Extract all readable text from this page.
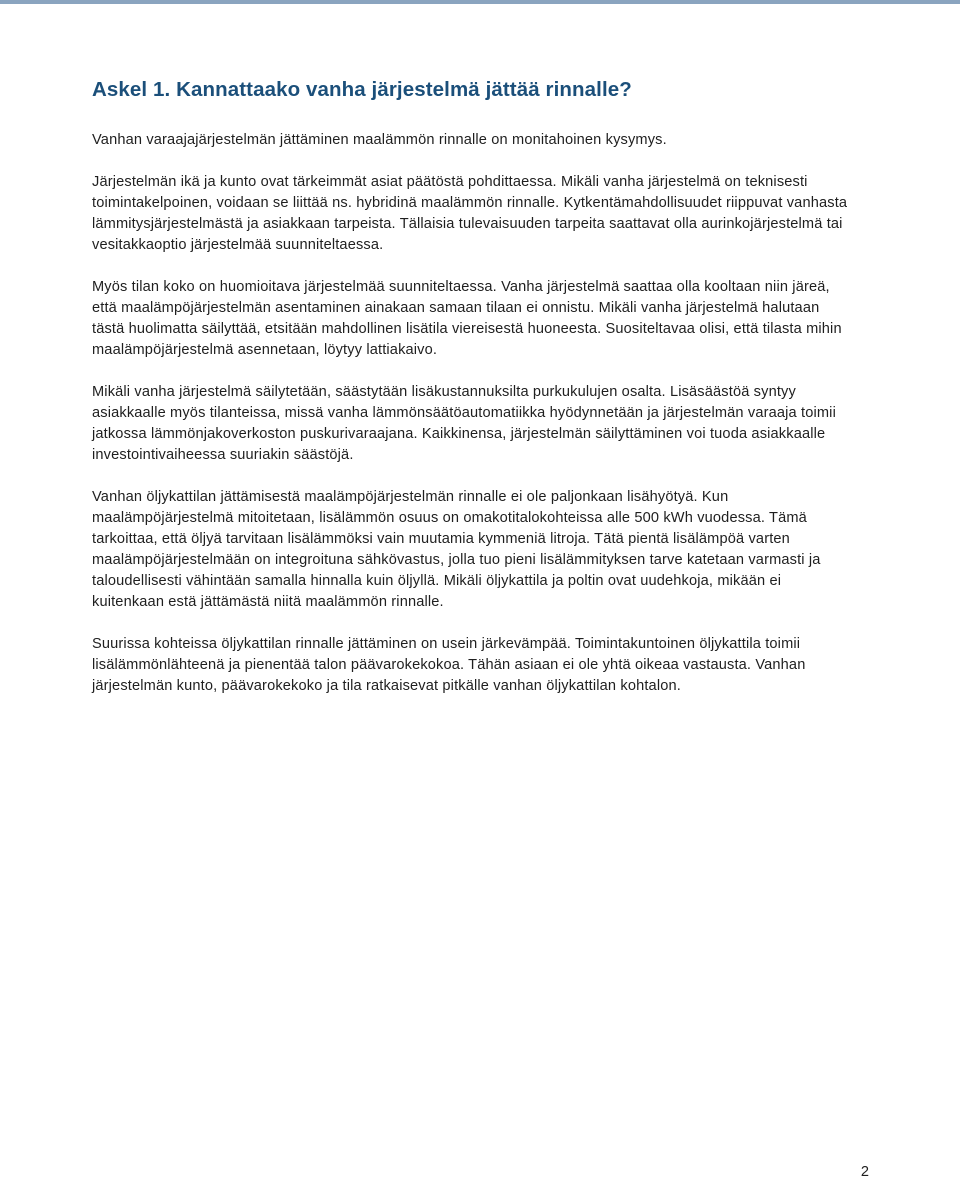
Askel 1. Kannattaako vanha järjestelmä jättää rinnalle?

Vanhan varaajajärjestelmän jättäminen maalämmön rinnalle on monitahoinen kysymys.

Järjestelmän ikä ja kunto ovat tärkeimmät asiat päätöstä pohdittaessa. Mikäli vanha järjestelmä on teknisesti toimintakelpoinen, voidaan se liittää ns. hybridinä maalämmön rinnalle. Kytkentämahdollisuudet riippuvat vanhasta lämmitysjärjestelmästä ja asiakkaan tarpeista. Tällaisia tulevaisuuden tarpeita saattavat olla aurinkojärjestelmä tai vesitakkaoptio järjestelmää suunniteltaessa.

Myös tilan koko on huomioitava järjestelmää suunniteltaessa. Vanha järjestelmä saattaa olla kooltaan niin järeä, että maalämpöjärjestelmän asentaminen ainakaan samaan tilaan ei onnistu. Mikäli vanha järjestelmä halutaan tästä huolimatta säilyttää, etsitään mahdollinen lisätila viereisestä huoneesta. Suositeltavaa olisi, että tilasta mihin maalämpöjärjestelmä asennetaan, löytyy lattiakaivo.

Mikäli vanha järjestelmä säilytetään, säästytään lisäkustannuksilta purkukulujen osalta. Lisäsäästöä syntyy asiakkaalle myös tilanteissa, missä vanha lämmönsäätöautomatiikka hyödynnetään ja järjestelmän varaaja toimii jatkossa lämmönjakoverkoston puskurivaraajana. Kaikkinensa, järjestelmän säilyttäminen voi tuoda asiakkaalle investointivaiheessa suuriakin säästöjä.

Vanhan öljykattilan jättämisestä maalämpöjärjestelmän rinnalle ei ole paljonkaan lisähyötyä. Kun maalämpöjärjestelmä mitoitetaan, lisälämmön osuus on omakotitalokohteissa alle 500 kWh vuodessa. Tämä tarkoittaa, että öljyä tarvitaan lisälämmöksi vain muutamia kymmeniä litroja. Tätä pientä lisälämpöä varten maalämpöjärjestelmään on integroituna sähkövastus, jolla tuo pieni lisälämmityksen tarve katetaan varmasti ja taloudellisesti vähintään samalla hinnalla kuin öljyllä. Mikäli öljykattila ja poltin ovat uudehkoja, mikään ei kuitenkaan estä jättämästä niitä maalämmön rinnalle.

Suurissa kohteissa öljykattilan rinnalle jättäminen on usein järkevämpää. Toimintakuntoinen öljykattila toimii lisälämmönlähteenä ja pienentää talon päävarokekokoa. Tähän asiaan ei ole yhtä oikeaa vastausta. Vanhan järjestelmän kunto, päävarokekoko ja tila ratkaisevat pitkälle vanhan öljykattilan kohtalon.

2
